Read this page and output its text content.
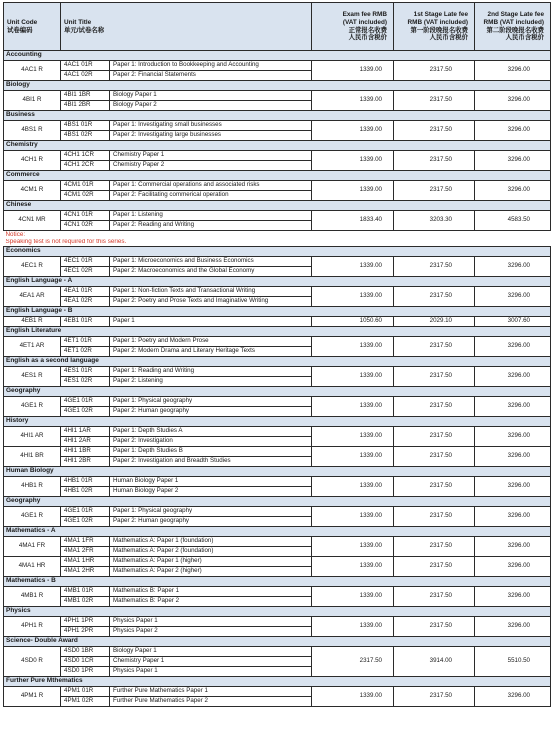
Unit Code
试卷编码	Unit Title
单元/试卷名称		Exam fee RMB
(VAT included)
正常报名收费
人民币含税价	1st Stage Late fee
RMB (VAT included)
第一阶段晚报名收费
人民币含税价	2nd Stage Late fee
RMB (VAT included)
第二阶段晚报名收费
人民币含税价
Accounting					
4AC1 R	4AC1 01R	Paper 1: Introduction to Bookkeeping and Accounting	1339.00	2317.50	3296.00
	4AC1 02R	Paper 2: Financial Statements			
Biology					
4BI1 R	4BI1 1BR	Biology Paper 1	1339.00	2317.50	3296.00
	4BI1 2BR	Biology Paper 2			
Business					
4BS1 R	4BS1 01R	Paper 1: Investigating small businesses	1339.00	2317.50	3296.00
	4BS1 02R	Paper 2: Investigating large businesses			
Chemistry					
4CH1 R	4CH1 1CR	Chemistry Paper 1	1339.00	2317.50	3296.00
	4CH1 2CR	Chemistry Paper 2			
Commerce					
4CM1 R	4CM1 01R	Paper 1: Commercial operations and associated risks	1339.00	2317.50	3296.00
	4CM1 02R	Paper 2: Facilitating commerical operation			
Chinese					
4CN1 MR	4CN1 01R	Paper 1: Listening	1833.40	3203.30	4583.50
	4CN1 02R	Paper 2: Reading and Writing			
Notice:					
Speaking test is not required for this series.					
Economics					
4EC1 R	4EC1 01R	Paper 1: Microeconomics and Business Economics	1339.00	2317.50	3296.00
	4EC1 02R	Paper 2: Macroeconomics and the Global Economy			
English Language - A					
4EA1 AR	4EA1 01R	Paper 1: Non-fiction Texts and Transactional Writing	1339.00	2317.50	3296.00
	4EA1 02R	Paper 2: Poetry and Prose Texts and Imaginative Writing			
English Language - B					
4EB1 R	4EB1 01R	Paper 1	1050.60	2029.10	3007.60
English Literature					
4ET1 AR	4ET1 01R	Paper 1: Poetry and Modern Prose	1339.00	2317.50	3296.00
	4ET1 02R	Paper 2: Modern Drama and Literary Heritage Texts			
English as a second language					
4ES1 R	4ES1 01R	Paper 1: Reading and Writing	1339.00	2317.50	3296.00
	4ES1 02R	Paper 2: Listening			
Geography					
4GE1 R	4GE1 01R	Paper 1: Physical geography	1339.00	2317.50	3296.00
	4GE1 02R	Paper 2: Human geography			
History					
4HI1 AR	4HI1 1AR	Paper 1: Depth Studies A	1339.00	2317.50	3296.00
	4HI1 2AR	Paper 2: Investigation			
4HI1 BR	4HI1 1BR	Paper 1: Depth Studies B	1339.00	2317.50	3296.00
	4HI1 2BR	Paper 2: Investigation and Breadth Studies			
Human Biology					
4HB1 R	4HB1 01R	Human Biology Paper 1	1339.00	2317.50	3296.00
	4HB1 02R	Human Biology Paper 2			
Geography					
4GE1 R	4GE1 01R	Paper 1: Physical geography	1339.00	2317.50	3296.00
	4GE1 02R	Paper 2: Human geography			
Mathematics - A					
4MA1 FR	4MA1 1FR	Mathematics A: Paper 1 (foundation)	1339.00	2317.50	3296.00
	4MA1 2FR	Mathematics A: Paper 2 (foundation)			
4MA1 HR	4MA1 1HR	Mathematics A: Paper 1 (higher)	1339.00	2317.50	3296.00
	4MA1 2HR	Mathematics A: Paper 2 (higher)			
Mathematics - B					
4MB1 R	4MB1 01R	Mathematics B: Paper 1	1339.00	2317.50	3296.00
	4MB1 02R	Mathematics B: Paper 2			
Physics					
4PH1 R	4PH1 1PR	Physics Paper 1	1339.00	2317.50	3296.00
	4PH1 2PR	Physics Paper 2			
Science- Double Award					
4SD0 R	4SD0 1BR	Biology Paper 1	2317.50	3914.00	5510.50
	4SD0 1CR	Chemistry Paper 1			
	4SD0 1PR	Physics Paper 1			
Further Pure Mthematics					
4PM1 R	4PM1 01R	Further Pure Mathematics Paper 1	1339.00	2317.50	3296.00
	4PM1 02R	Further Pure Mathematics Paper 2			
